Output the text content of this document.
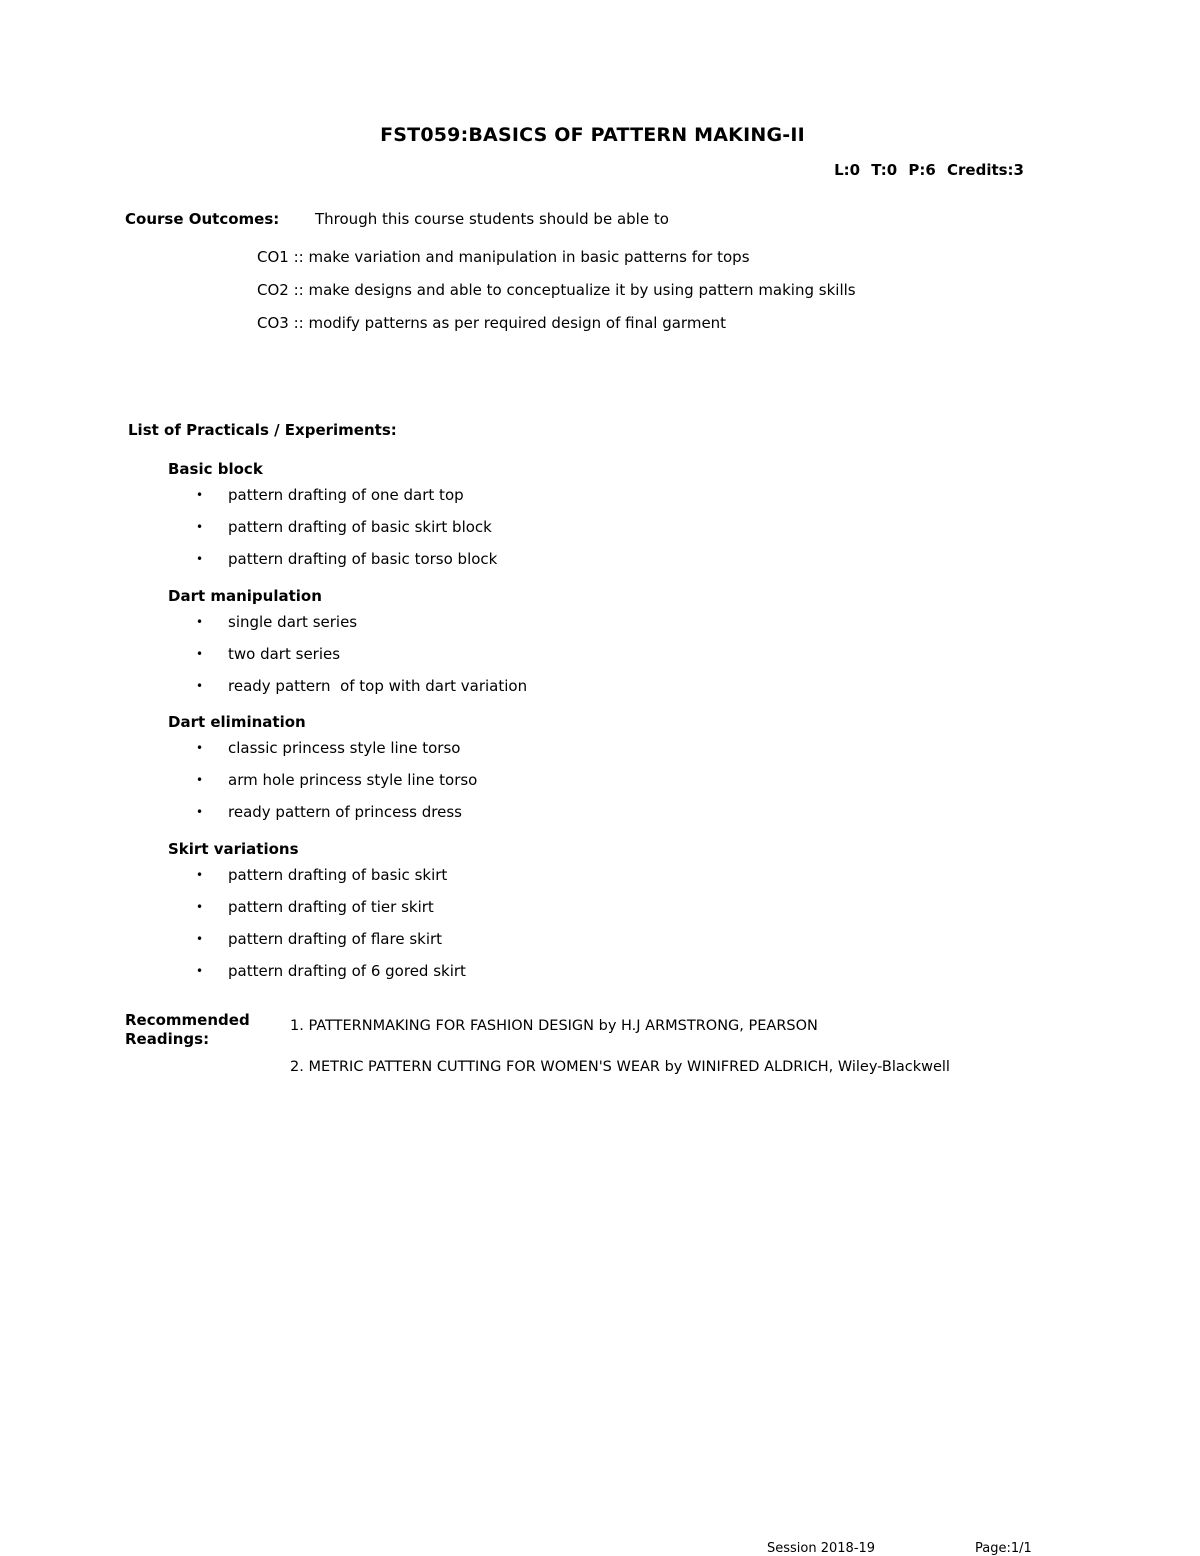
FST059:BASICS OF PATTERN MAKING-II
L:0 T:0 P:6 Credits:3
Course Outcomes: Through this course students should be able to
CO1 :: make variation and manipulation in basic patterns for tops
CO2 :: make designs and able to conceptualize it by using pattern making skills
CO3 :: modify patterns as per required design of final garment
List of Practicals / Experiments:
Basic block
• pattern drafting of one dart top
• pattern drafting of basic skirt block
• pattern drafting of basic torso block
Dart manipulation
• single dart series
• two dart series
• ready pattern  of top with dart variation
Dart elimination
• classic princess style line torso
• arm hole princess style line torso
• ready pattern of princess dress
Skirt variations
• pattern drafting of basic skirt
• pattern drafting of tier skirt
• pattern drafting of flare skirt
• pattern drafting of 6 gored skirt
Recommended
Readings:
1. PATTERNMAKING FOR FASHION DESIGN by H.J ARMSTRONG, PEARSON
2. METRIC PATTERN CUTTING FOR WOMEN'S WEAR by WINIFRED ALDRICH, Wiley-Blackwell
Session 2018-19	Page:1/1
